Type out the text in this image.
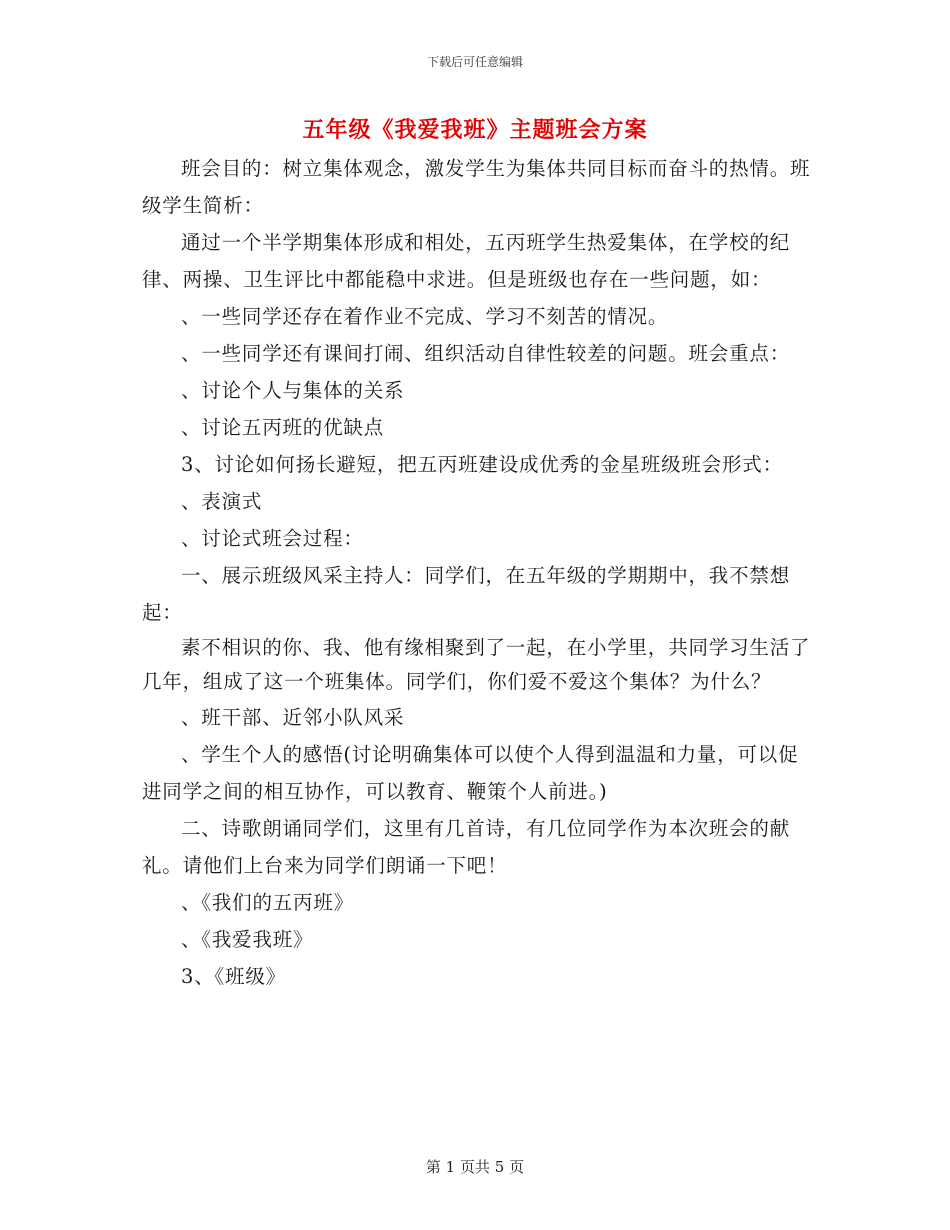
下载后可任意编辑
五年级《我爱我班》主题班会方案

班会目的：树立集体观念，激发学生为集体共同目标而奋斗的热情。班级学生简析：

通过一个半学期集体形成和相处，五丙班学生热爱集体，在学校的纪律、两操、卫生评比中都能稳中求进。但是班级也存在一些问题，如：

、一些同学还存在着作业不完成、学习不刻苦的情况。

、一些同学还有课间打闹、组织活动自律性较差的问题。班会重点：

、讨论个人与集体的关系

、讨论五丙班的优缺点

3、讨论如何扬长避短，把五丙班建设成优秀的金星班级班会形式：

、表演式

、讨论式班会过程：

一、展示班级风采主持人：同学们，在五年级的学期期中，我不禁想起：

素不相识的你、我、他有缘相聚到了一起，在小学里，共同学习生活了几年，组成了这一个班集体。同学们，你们爱不爱这个集体？为什么？

、班干部、近邻小队风采

、学生个人的感悟(讨论明确集体可以使个人得到温温和力量，可以促进同学之间的相互协作，可以教育、鞭策个人前进。)

二、诗歌朗诵同学们，这里有几首诗，有几位同学作为本次班会的献礼。请他们上台来为同学们朗诵一下吧！

、《我们的五丙班》

、《我爱我班》

3、《班级》

第 1 页共 5 页
